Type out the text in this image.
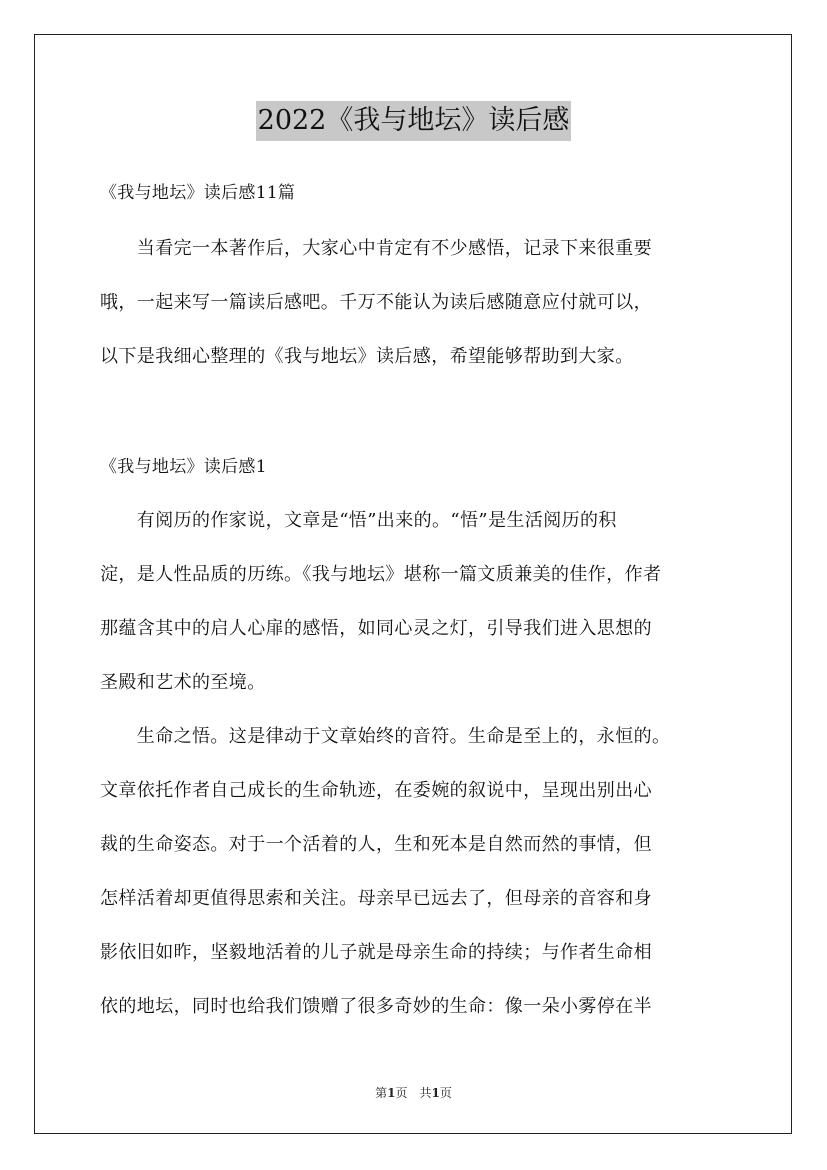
2022《我与地坛》读后感
《我与地坛》读后感11篇
　　当看完一本著作后，大家心中肯定有不少感悟，记录下来很重要
哦，一起来写一篇读后感吧。千万不能认为读后感随意应付就可以，
以下是我细心整理的《我与地坛》读后感，希望能够帮助到大家。
《我与地坛》读后感1
　　有阅历的作家说，文章是“悟”出来的。“悟”是生活阅历的积
淀，是人性品质的历练。《我与地坛》堪称一篇文质兼美的佳作，作者
那蕴含其中的启人心扉的感悟，如同心灵之灯，引导我们进入思想的
圣殿和艺术的至境。
　　生命之悟。这是律动于文章始终的音符。生命是至上的，永恒的。
文章依托作者自己成长的生命轨迹，在委婉的叙说中，呈现出别出心
裁的生命姿态。对于一个活着的人，生和死本是自然而然的事情，但
怎样活着却更值得思索和关注。母亲早已远去了，但母亲的音容和身
影依旧如昨，坚毅地活着的儿子就是母亲生命的持续；与作者生命相
依的地坛，同时也给我们馈赠了很多奇妙的生命：像一朵小雾停在半
第1页　共1页
